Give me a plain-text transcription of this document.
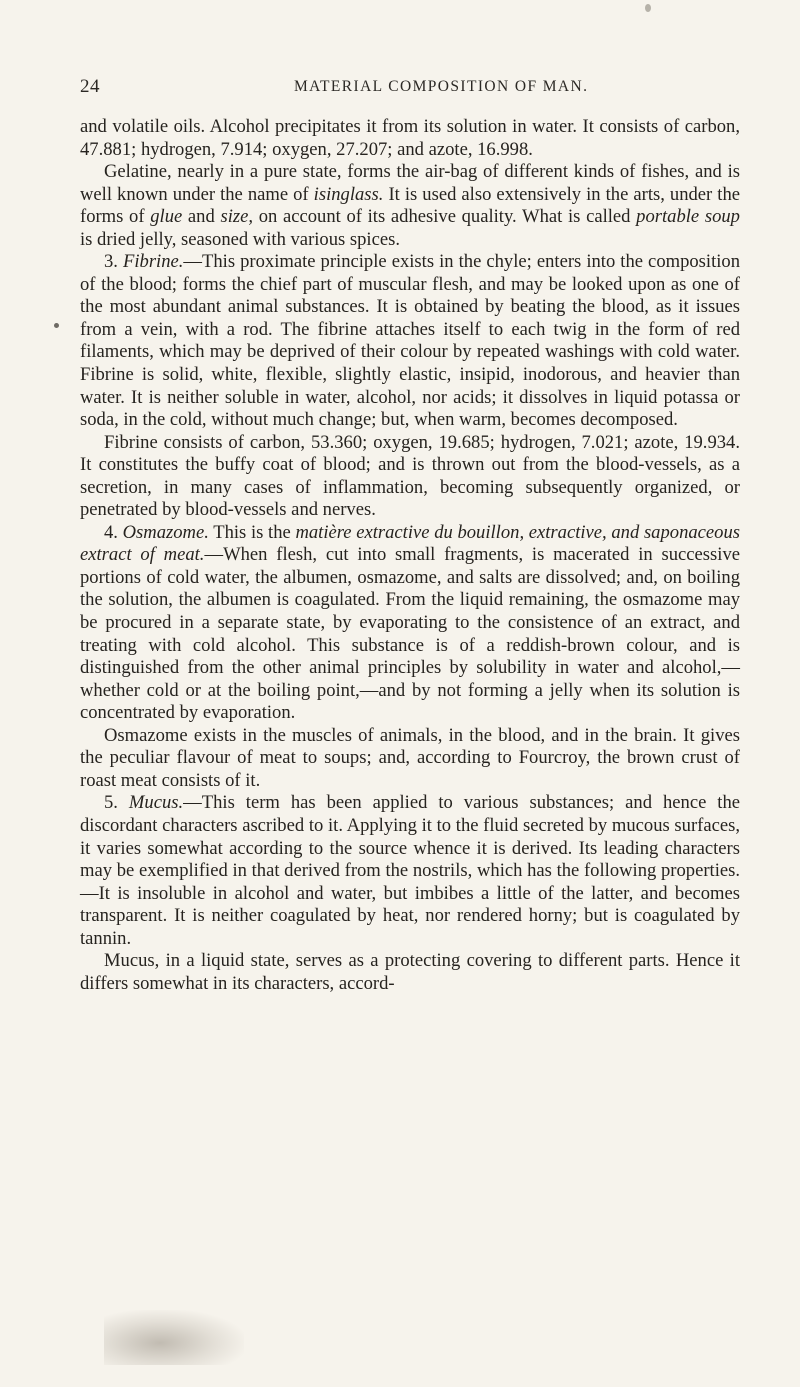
24	MATERIAL COMPOSITION OF MAN.

and volatile oils. Alcohol precipitates it from its solution in water. It consists of carbon, 47.881; hydrogen, 7.914; oxygen, 27.207; and azote, 16.998.

Gelatine, nearly in a pure state, forms the air-bag of different kinds of fishes, and is well known under the name of isinglass. It is used also extensively in the arts, under the forms of glue and size, on account of its adhesive quality. What is called portable soup is dried jelly, seasoned with various spices.

3. Fibrine.—This proximate principle exists in the chyle; enters into the composition of the blood; forms the chief part of muscular flesh, and may be looked upon as one of the most abundant animal substances. It is obtained by beating the blood, as it issues from a vein, with a rod. The fibrine attaches itself to each twig in the form of red filaments, which may be deprived of their colour by repeated washings with cold water. Fibrine is solid, white, flexible, slightly elastic, insipid, inodorous, and heavier than water. It is neither soluble in water, alcohol, nor acids; it dissolves in liquid potassa or soda, in the cold, without much change; but, when warm, becomes decomposed.

Fibrine consists of carbon, 53.360; oxygen, 19.685; hydrogen, 7.021; azote, 19.934. It constitutes the buffy coat of blood; and is thrown out from the blood-vessels, as a secretion, in many cases of inflammation, becoming subsequently organized, or penetrated by blood-vessels and nerves.

4. Osmazome. This is the matière extractive du bouillon, extractive, and saponaceous extract of meat.—When flesh, cut into small fragments, is macerated in successive portions of cold water, the albumen, osmazome, and salts are dissolved; and, on boiling the solution, the albumen is coagulated. From the liquid remaining, the osmazome may be procured in a separate state, by evaporating to the consistence of an extract, and treating with cold alcohol. This substance is of a reddish-brown colour, and is distinguished from the other animal principles by solubility in water and alcohol,—whether cold or at the boiling point,—and by not forming a jelly when its solution is concentrated by evaporation.

Osmazome exists in the muscles of animals, in the blood, and in the brain. It gives the peculiar flavour of meat to soups; and, according to Fourcroy, the brown crust of roast meat consists of it.

5. Mucus.—This term has been applied to various substances; and hence the discordant characters ascribed to it. Applying it to the fluid secreted by mucous surfaces, it varies somewhat according to the source whence it is derived. Its leading characters may be exemplified in that derived from the nostrils, which has the following properties.—It is insoluble in alcohol and water, but imbibes a little of the latter, and becomes transparent. It is neither coagulated by heat, nor rendered horny; but is coagulated by tannin.

Mucus, in a liquid state, serves as a protecting covering to different parts. Hence it differs somewhat in its characters, accord-
